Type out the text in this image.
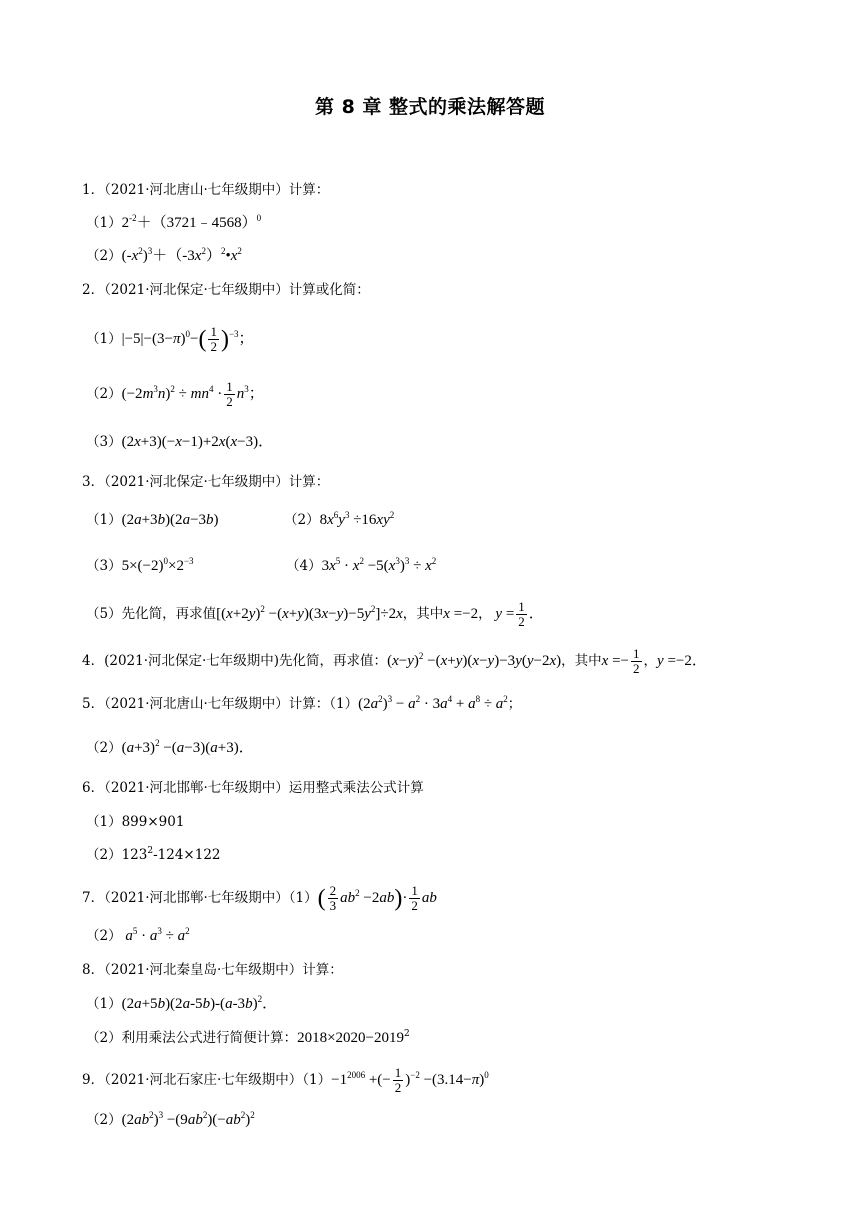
第 8 章 整式的乘法解答题
1．（2021·河北唐山·七年级期中）计算：
$(1)2^{-2}+(3721﹣4568)^0$
$(2)(-x^2)^3+(-3x^2)^2•x^2$
2．（2021·河北保定·七年级期中）计算或化简：
$(1)|-5|-(3-\pi)^0-( \frac{1}{2} )^{-3}$；
$(2)(-2m^3n)^2 \div mn^4 \cdot \frac{1}{2} n^3$；
（3）(2x+3)(−x−1)+2x(x−3)．
3．（2021·河北保定·七年级期中）计算：
（1）(2a+3b)(2a−3b)	$(2)8x^6y^3 \div 16xy^2$
$(3)5\times(-2)^0\times 2^{-3}$	$(4)3x^5 \cdot x^2 -5(x^3)^3 \div x^2$
（5）先化简，再求值$[(x+2y)^2 -(x+y)(3x-y)-5y^2]\div 2x$，其中x =−2， $y = \frac{1}{2}$ ．
4．(2021·河北保定·七年级期中)先化简，再求值：$(x-y)^2 -(x+y)(x-y)-3y(y-2x)$，其中$x =- \frac{1}{2}$ ，y =−2．
5．（2021·河北唐山·七年级期中）计算：$(1)(2a^2)^3 - a^2 \cdot 3a^4 + a^8 \div a^2$；
$(2)(a+3)^2 -(a-3)(a+3)$．
6．（2021·河北邯郸·七年级期中）运用整式乘法公式计算
（1）899×901
$(2)123^2-124\times 122$
7．（2021·河北邯郸·七年级期中）$(1)( \frac{2}{3} ab^2 -2ab)\cdot \frac{1}{2}$ ab
（2） $a^5 \cdot a^3 \div a^2$
8．（2021·河北秦皇岛·七年级期中）计算：
$(1)(2a+5b)(2a-5b)-(a-3b)^2$．
（2）利用乘法公式进行简便计算：$2018\times 2020-2019^2$
9．（2021·河北石家庄·七年级期中）$(1)-1^{2006}$ +(− $\frac{1}{2} )^{-2} -(3.14-\pi)^0$
$(2)(2ab^2)^3 -(9ab^2)(-ab^2)^2$
